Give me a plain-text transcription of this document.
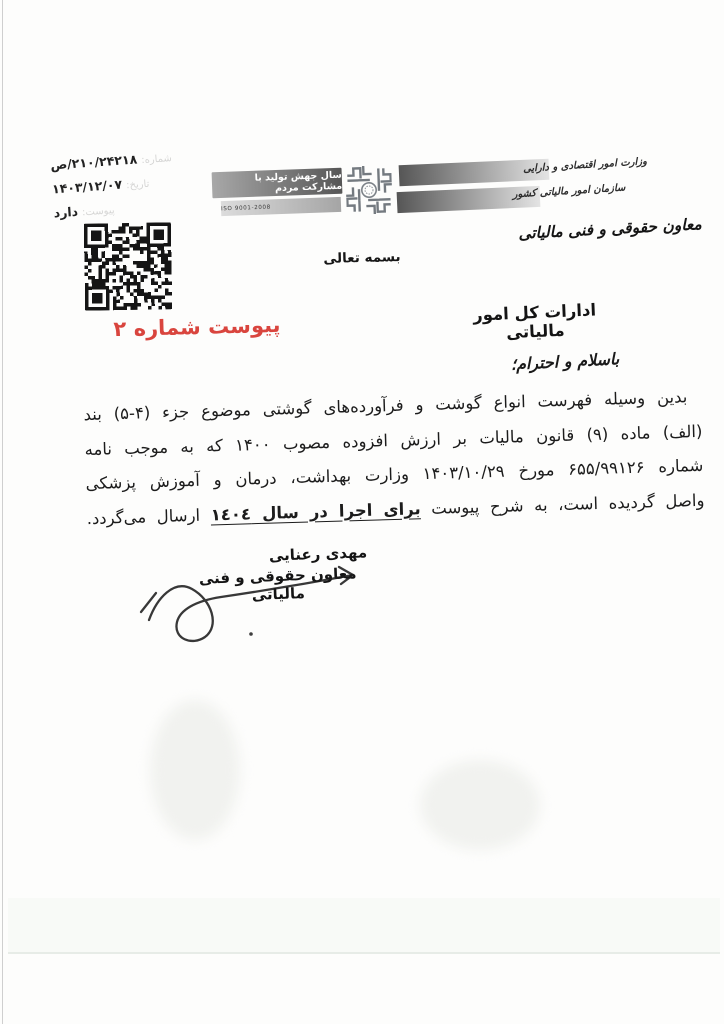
شماره:۲۱۰/۲۴۲۱۸/ص
تاریخ:۱۴۰۳/۱۲/۰۷
پیوست:دارد
پیوست شماره ۲
بسمه تعالی
سال جهش تولید با مشارکت مردم
ISO 9001-2008
وزارت امور اقتصادی و دارایی
سازمان امور مالیاتی کشور
معاون حقوقی و فنی مالیاتی
ادارات کل امور مالیاتی
باسلام و احترام؛
بدین وسیله فهرست انواع گوشت و فرآورده‌های گوشتی موضوع جزء (۴-۵) بند
(الف) ماده (۹) قانون مالیات بر ارزش افزوده مصوب ۱۴۰۰ که به موجب نامه
شماره ۶۵۵/۹۹۱۲۶ مورخ ۱۴۰۳/۱۰/۲۹ وزارت بهداشت، درمان و آموزش پزشکی
واصل گردیده است، به شرح پیوست برای اجرا در سال ١٤٠٤ ارسال می‌گردد.
مهدی رعنایی
معاون حقوقی و فنی مالیاتی
